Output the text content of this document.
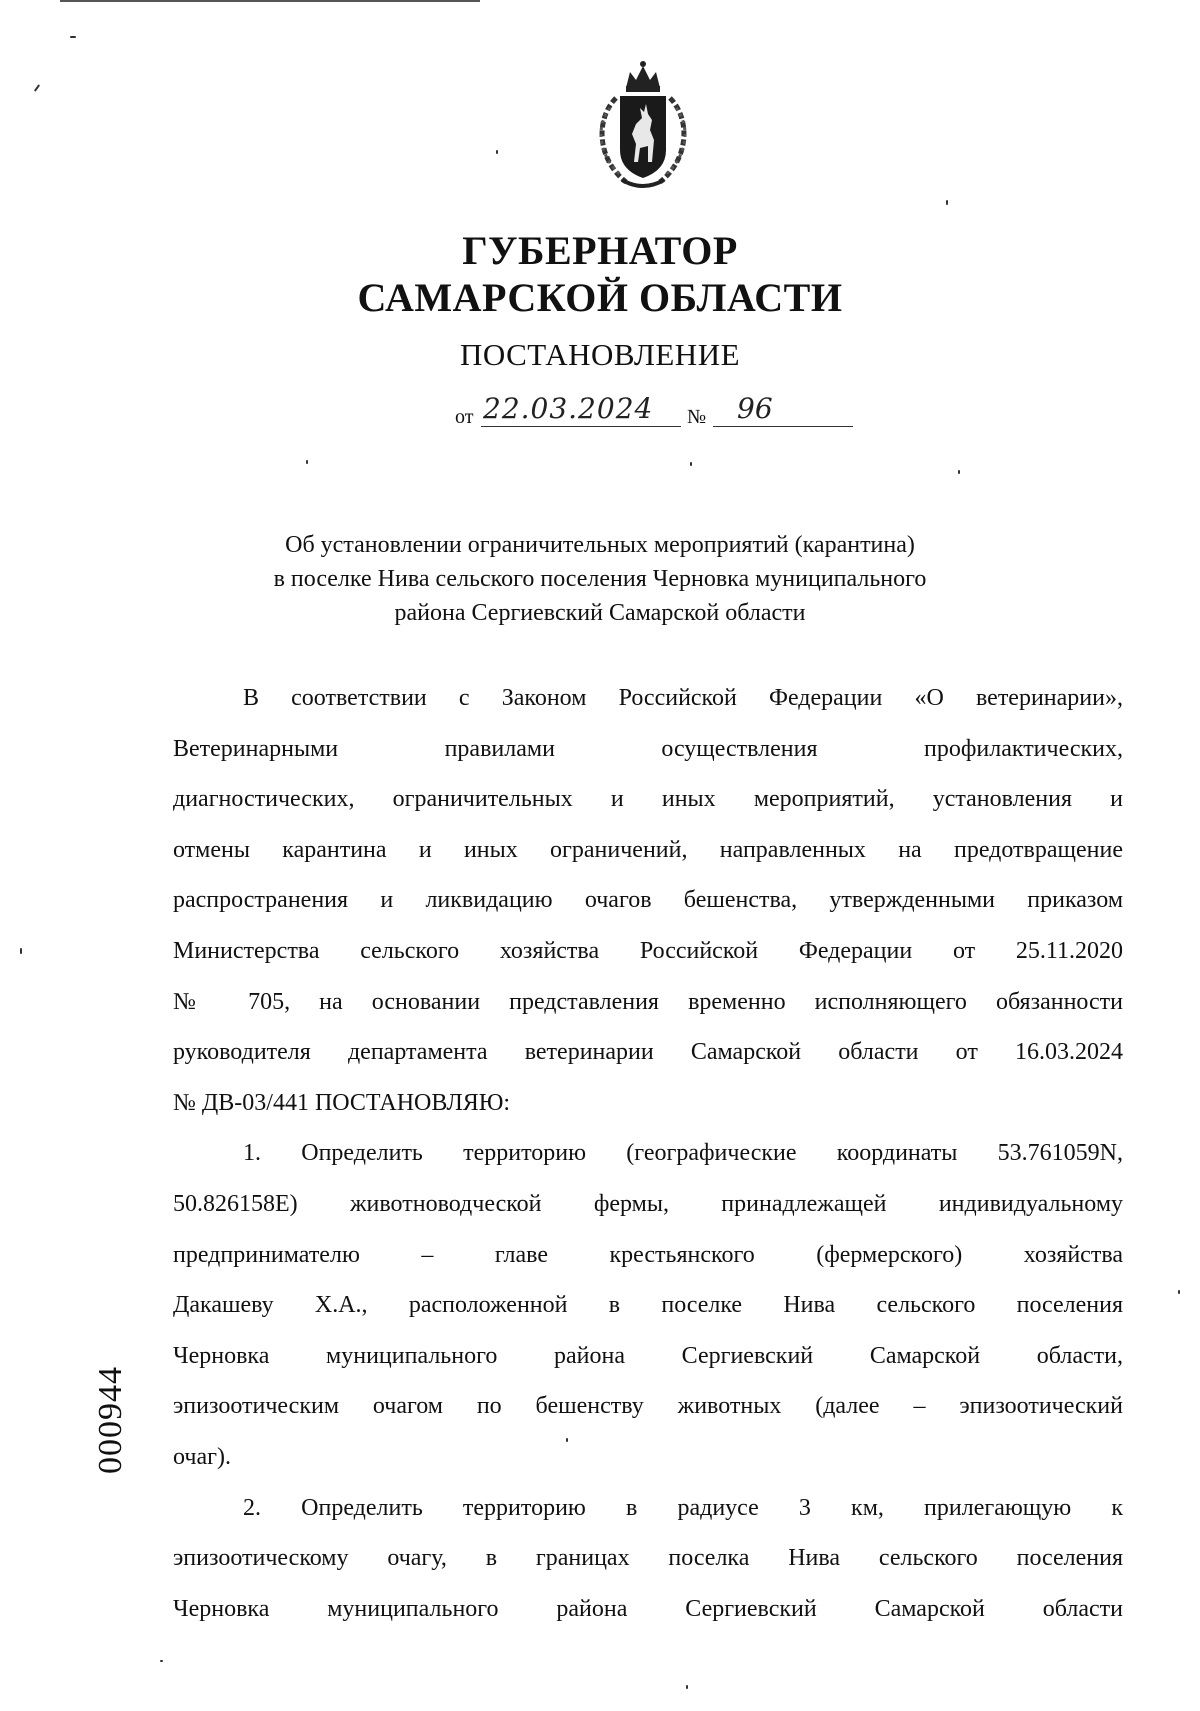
ГУБЕРНАТОР
САМАРСКОЙ ОБЛАСТИ
ПОСТАНОВЛЕНИЕ
от 22.03.2024 № 96
Об установлении ограничительных мероприятий (карантина)
в поселке Нива сельского поселения Черновка муниципального
района Сергиевский Самарской области
В соответствии с Законом Российской Федерации «О ветеринарии»,
Ветеринарными правилами осуществления профилактических,
диагностических, ограничительных и иных мероприятий, установления и
отмены карантина и иных ограничений, направленных на предотвращение
распространения и ликвидацию очагов бешенства, утвержденными приказом
Министерства сельского хозяйства Российской Федерации от 25.11.2020
№ 705, на основании представления временно исполняющего обязанности
руководителя департамента ветеринарии Самарской области от 16.03.2024
№ ДВ-03/441 ПОСТАНОВЛЯЮ:
1. Определить территорию (географические координаты 53.761059N,
50.826158E) животноводческой фермы, принадлежащей индивидуальному
предпринимателю – главе крестьянского (фермерского) хозяйства
Дакашеву Х.А., расположенной в поселке Нива сельского поселения
Черновка муниципального района Сергиевский Самарской области,
эпизоотическим очагом по бешенству животных (далее – эпизоотический
очаг).
2. Определить территорию в радиусе 3 км, прилегающую к
эпизоотическому очагу, в границах поселка Нива сельского поселения
Черновка муниципального района Сергиевский Самарской области
000944
